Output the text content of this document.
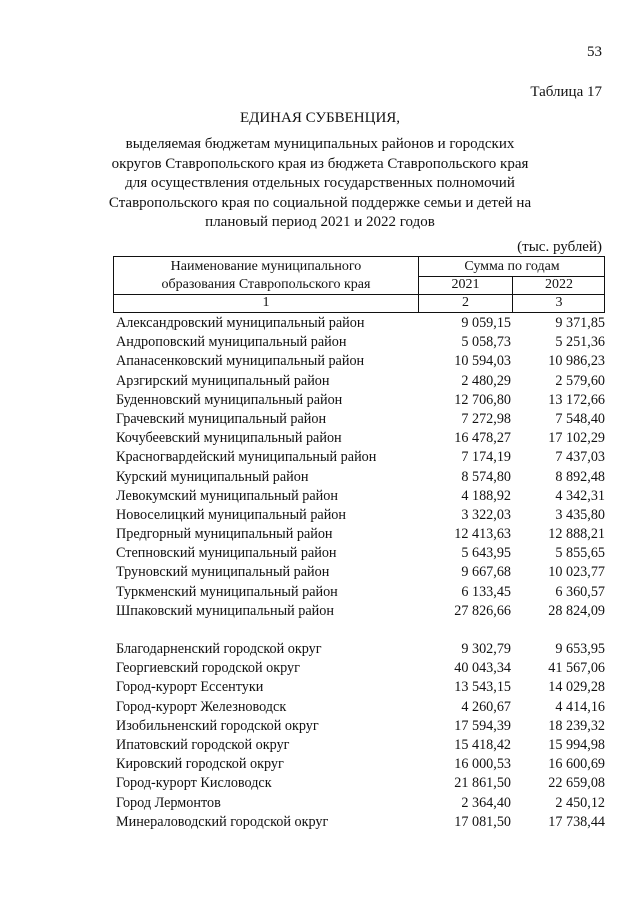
53
Таблица 17
ЕДИНАЯ СУБВЕНЦИЯ,
выделяемая бюджетам муниципальных районов и городских округов Ставропольского края из бюджета Ставропольского края для осуществления отдельных государственных полномочий Ставропольского края по социальной поддержке семьи и детей на плановый период 2021 и 2022 годов
(тыс. рублей)
Наименование муниципального
образования Ставропольского края
Сумма по годам
2021	2022
1	2	3
Александровский муниципальный район	9 059,15	9 371,85
Андроповский муниципальный район	5 058,73	5 251,36
Апанасенковский муниципальный район	10 594,03	10 986,23
Арзгирский муниципальный район	2 480,29	2 579,60
Буденновский муниципальный район	12 706,80	13 172,66
Грачевский муниципальный район	7 272,98	7 548,40
Кочубеевский муниципальный район	16 478,27	17 102,29
Красногвардейский муниципальный район	7 174,19	7 437,03
Курский муниципальный район	8 574,80	8 892,48
Левокумский муниципальный район	4 188,92	4 342,31
Новоселицкий муниципальный район	3 322,03	3 435,80
Предгорный муниципальный район	12 413,63	12 888,21
Степновский муниципальный район	5 643,95	5 855,65
Труновский муниципальный район	9 667,68	10 023,77
Туркменский муниципальный район	6 133,45	6 360,57
Шпаковский муниципальный район	27 826,66	28 824,09
Благодарненский городской округ	9 302,79	9 653,95
Георгиевский городской округ	40 043,34	41 567,06
Город-курорт Ессентуки	13 543,15	14 029,28
Город-курорт Железноводск	4 260,67	4 414,16
Изобильненский городской округ	17 594,39	18 239,32
Ипатовский городской округ	15 418,42	15 994,98
Кировский городской округ	16 000,53	16 600,69
Город-курорт Кисловодск	21 861,50	22 659,08
Город Лермонтов	2 364,40	2 450,12
Минераловодский городской округ	17 081,50	17 738,44
